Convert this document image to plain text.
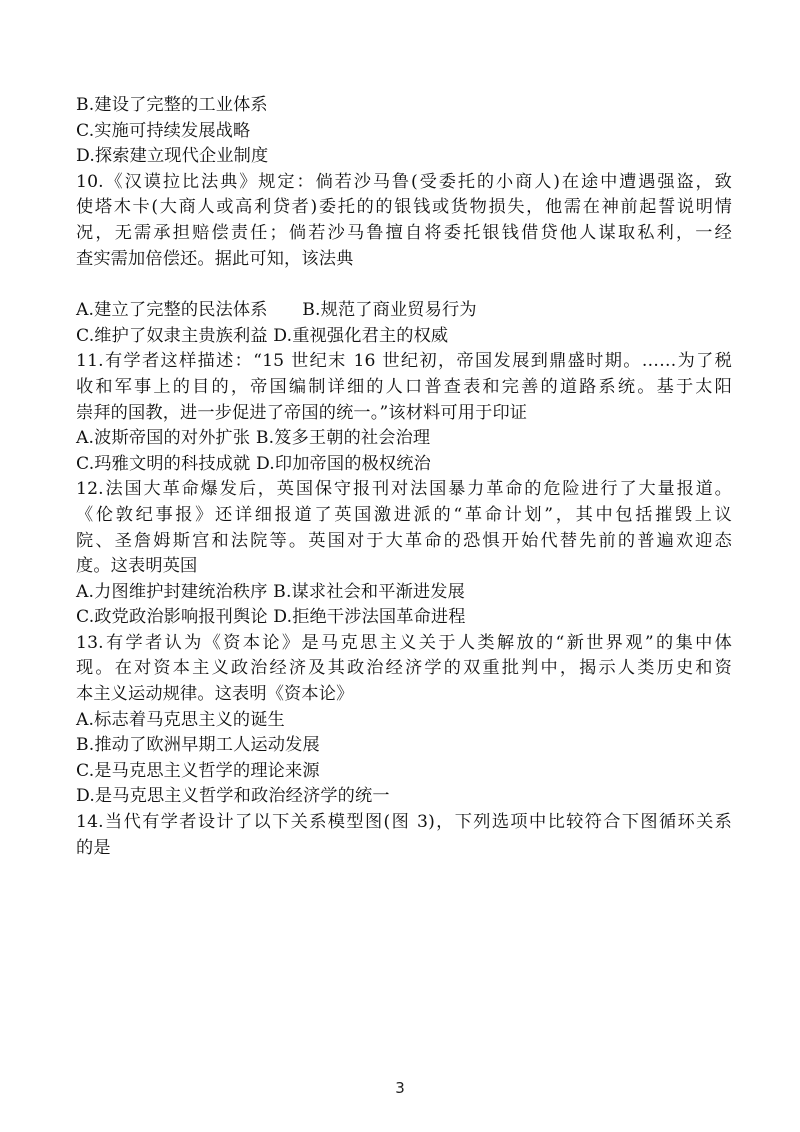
B.建设了完整的工业体系
C.实施可持续发展战略
D.探索建立现代企业制度
10.《汉谟拉比法典》规定：倘若沙马鲁(受委托的小商人)在途中遭遇强盗，致
使塔木卡(大商人或高利贷者)委托的的银钱或货物损失，他需在神前起誓说明情
况，无需承担赔偿责任；倘若沙马鲁擅自将委托银钱借贷他人谋取私利，一经
查实需加倍偿还。据此可知，该法典
A.建立了完整的民法体系　　B.规范了商业贸易行为
C.维护了奴隶主贵族利益 D.重视强化君主的权威
11.有学者这样描述：“15 世纪末 16 世纪初，帝国发展到鼎盛时期。……为了税
收和军事上的目的，帝国编制详细的人口普查表和完善的道路系统。基于太阳
崇拜的国教，进一步促进了帝国的统一。”该材料可用于印证
A.波斯帝国的对外扩张 B.笈多王朝的社会治理
C.玛雅文明的科技成就 D.印加帝国的极权统治
12.法国大革命爆发后，英国保守报刊对法国暴力革命的危险进行了大量报道。
《伦敦纪事报》还详细报道了英国激进派的“革命计划”，其中包括摧毁上议
院、圣詹姆斯宫和法院等。英国对于大革命的恐惧开始代替先前的普遍欢迎态
度。这表明英国
A.力图维护封建统治秩序 B.谋求社会和平渐进发展
C.政党政治影响报刊舆论 D.拒绝干涉法国革命进程
13.有学者认为《资本论》是马克思主义关于人类解放的“新世界观”的集中体
现。在对资本主义政治经济及其政治经济学的双重批判中，揭示人类历史和资
本主义运动规律。这表明《资本论》
A.标志着马克思主义的诞生
B.推动了欧洲早期工人运动发展
C.是马克思主义哲学的理论来源
D.是马克思主义哲学和政治经济学的统一
14.当代有学者设计了以下关系模型图(图 3)，下列选项中比较符合下图循环关系
的是
3
